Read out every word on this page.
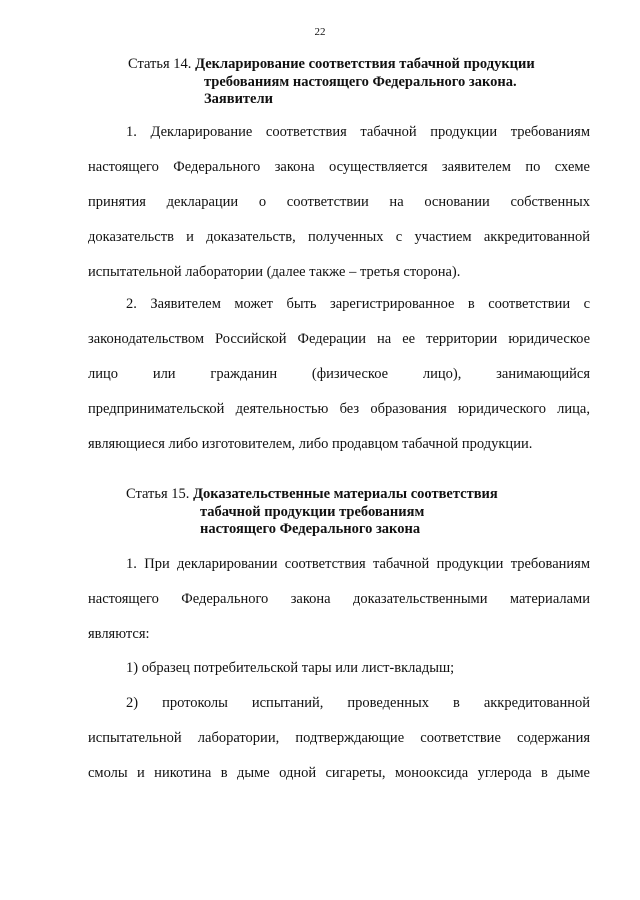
22
Статья 14. Декларирование соответствия табачной продукции
требованиям настоящего Федерального закона.
Заявители
1. Декларирование соответствия табачной продукции требованиям
настоящего Федерального закона осуществляется заявителем по схеме
принятия декларации о соответствии на основании собственных
доказательств и доказательств, полученных с участием аккредитованной
испытательной лаборатории (далее также – третья сторона).
2. Заявителем может быть зарегистрированное в соответствии с
законодательством Российской Федерации на ее территории юридическое
лицо или гражданин (физическое лицо), занимающийся
предпринимательской деятельностью без образования юридического лица,
являющиеся либо изготовителем, либо продавцом табачной продукции.
Статья 15. Доказательственные материалы соответствия
табачной продукции требованиям
настоящего Федерального закона
1. При декларировании соответствия табачной продукции требованиям
настоящего Федерального закона доказательственными материалами
являются:
1) образец потребительской тары или лист-вкладыш;
2) протоколы испытаний, проведенных в аккредитованной
испытательной лаборатории, подтверждающие соответствие содержания
смолы и никотина в дыме одной сигареты, монооксида углерода в дыме
